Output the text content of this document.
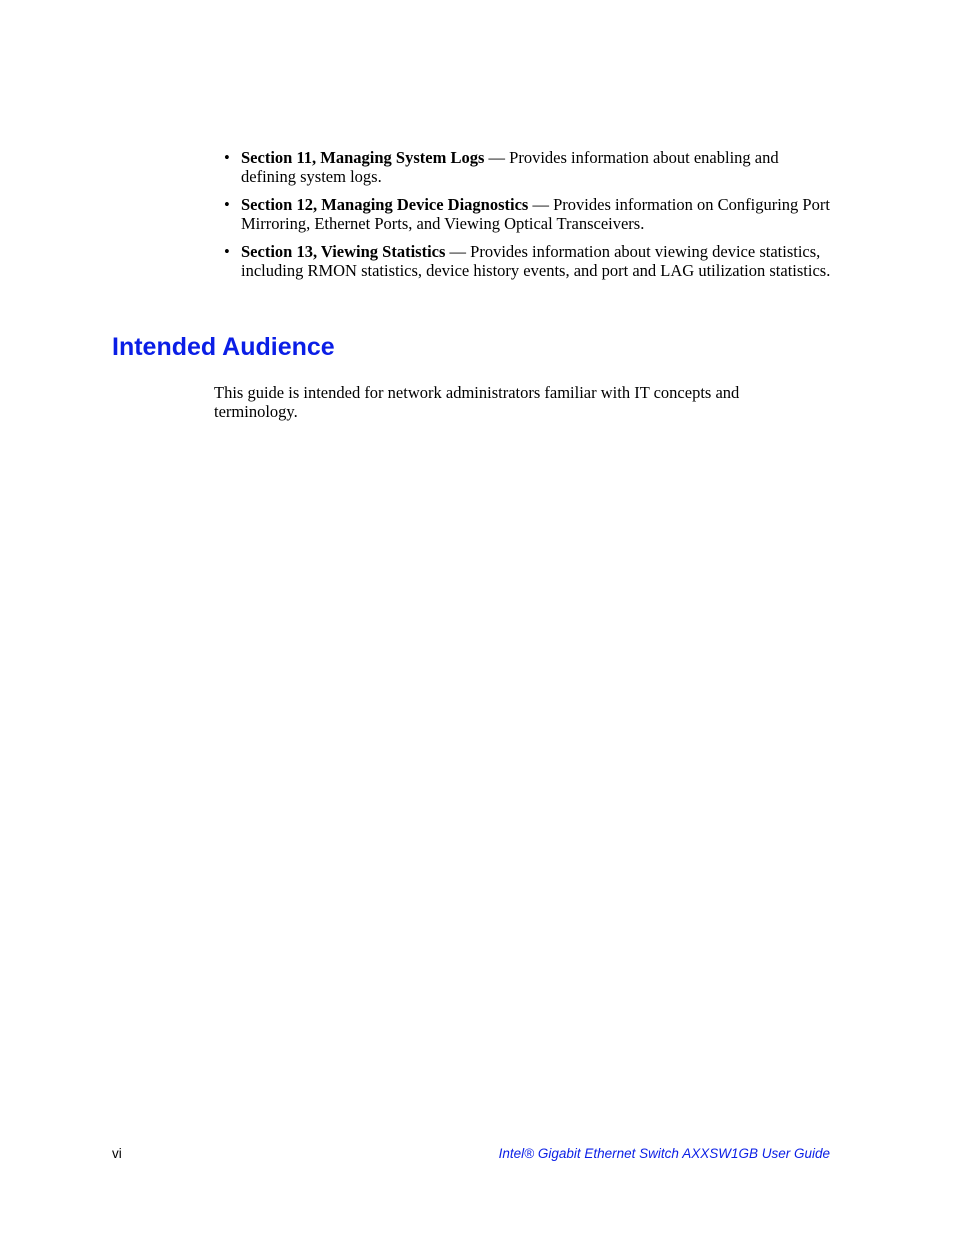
• Section 11, Managing System Logs — Provides information about enabling and defining system logs.
• Section 12, Managing Device Diagnostics — Provides information on Configuring Port Mirroring, Ethernet Ports, and Viewing Optical Transceivers.
• Section 13, Viewing Statistics — Provides information about viewing device statistics, including RMON statistics, device history events, and port and LAG utilization statistics.
Intended Audience

This guide is intended for network administrators familiar with IT concepts and terminology.

vi	Intel® Gigabit Ethernet Switch AXXSW1GB User Guide
